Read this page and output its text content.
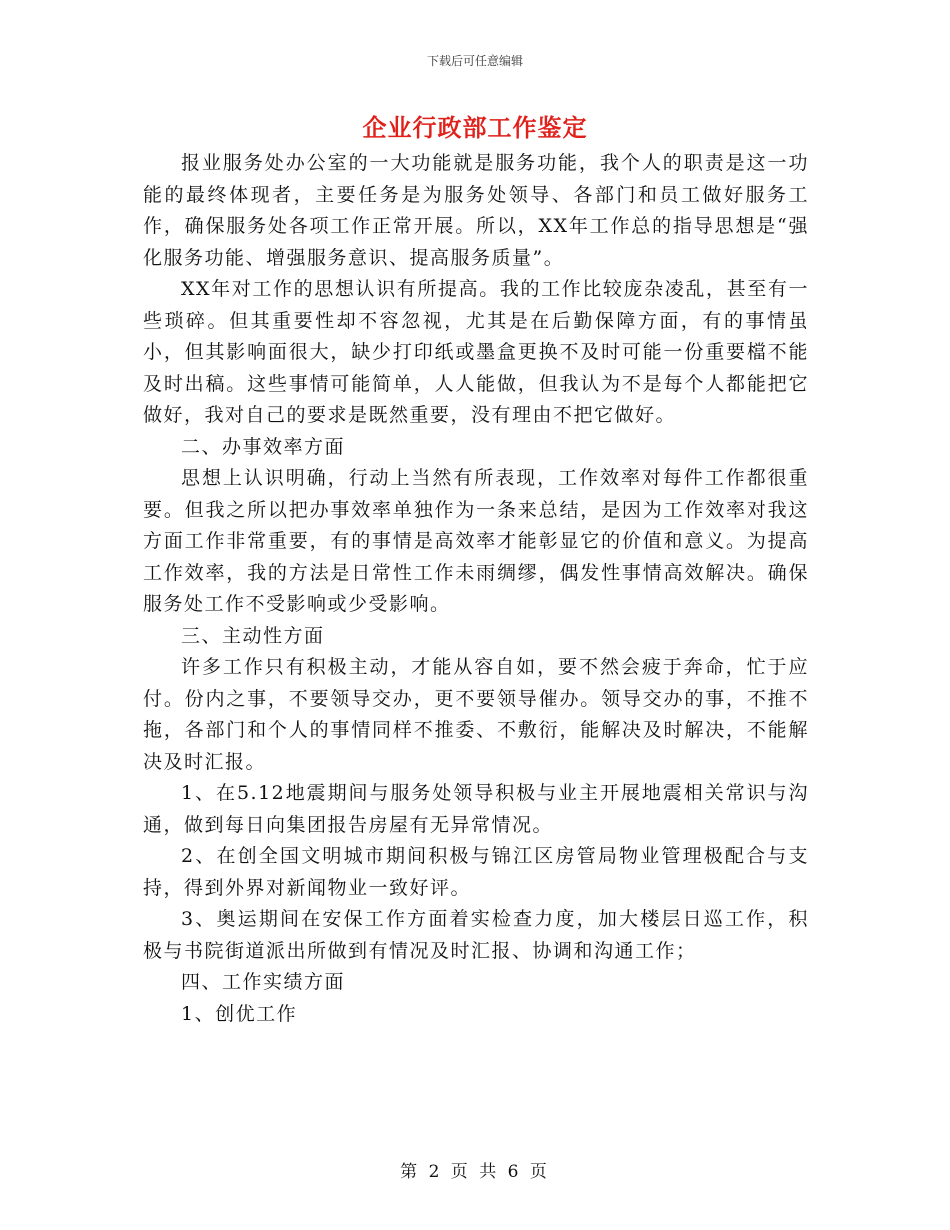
下载后可任意编辑
企业行政部工作鉴定

报业服务处办公室的一大功能就是服务功能，我个人的职责是这一功能的最终体现者，主要任务是为服务处领导、各部门和员工做好服务工作，确保服务处各项工作正常开展。所以，XX年工作总的指导思想是“强化服务功能、增强服务意识、提高服务质量”。

XX年对工作的思想认识有所提高。我的工作比较庞杂凌乱，甚至有一些琐碎。但其重要性却不容忽视，尤其是在后勤保障方面，有的事情虽小，但其影响面很大，缺少打印纸或墨盒更换不及时可能一份重要檔不能及时出稿。这些事情可能简单，人人能做，但我认为不是每个人都能把它做好，我对自己的要求是既然重要，没有理由不把它做好。

二、办事效率方面

思想上认识明确，行动上当然有所表现，工作效率对每件工作都很重要。但我之所以把办事效率单独作为一条来总结，是因为工作效率对我这方面工作非常重要，有的事情是高效率才能彰显它的价值和意义。为提高工作效率，我的方法是日常性工作未雨绸缪，偶发性事情高效解决。确保服务处工作不受影响或少受影响。

三、主动性方面

许多工作只有积极主动，才能从容自如，要不然会疲于奔命，忙于应付。份内之事，不要领导交办，更不要领导催办。领导交办的事，不推不拖，各部门和个人的事情同样不推委、不敷衍，能解决及时解决，不能解决及时汇报。

1、在5.12地震期间与服务处领导积极与业主开展地震相关常识与沟通，做到每日向集团报告房屋有无异常情况。

2、在创全国文明城市期间积极与锦江区房管局物业管理极配合与支持，得到外界对新闻物业一致好评。

3、奥运期间在安保工作方面着实检查力度，加大楼层日巡工作，积极与书院街道派出所做到有情况及时汇报、协调和沟通工作；

四、工作实绩方面

1、创优工作

第 2 页 共 6 页
